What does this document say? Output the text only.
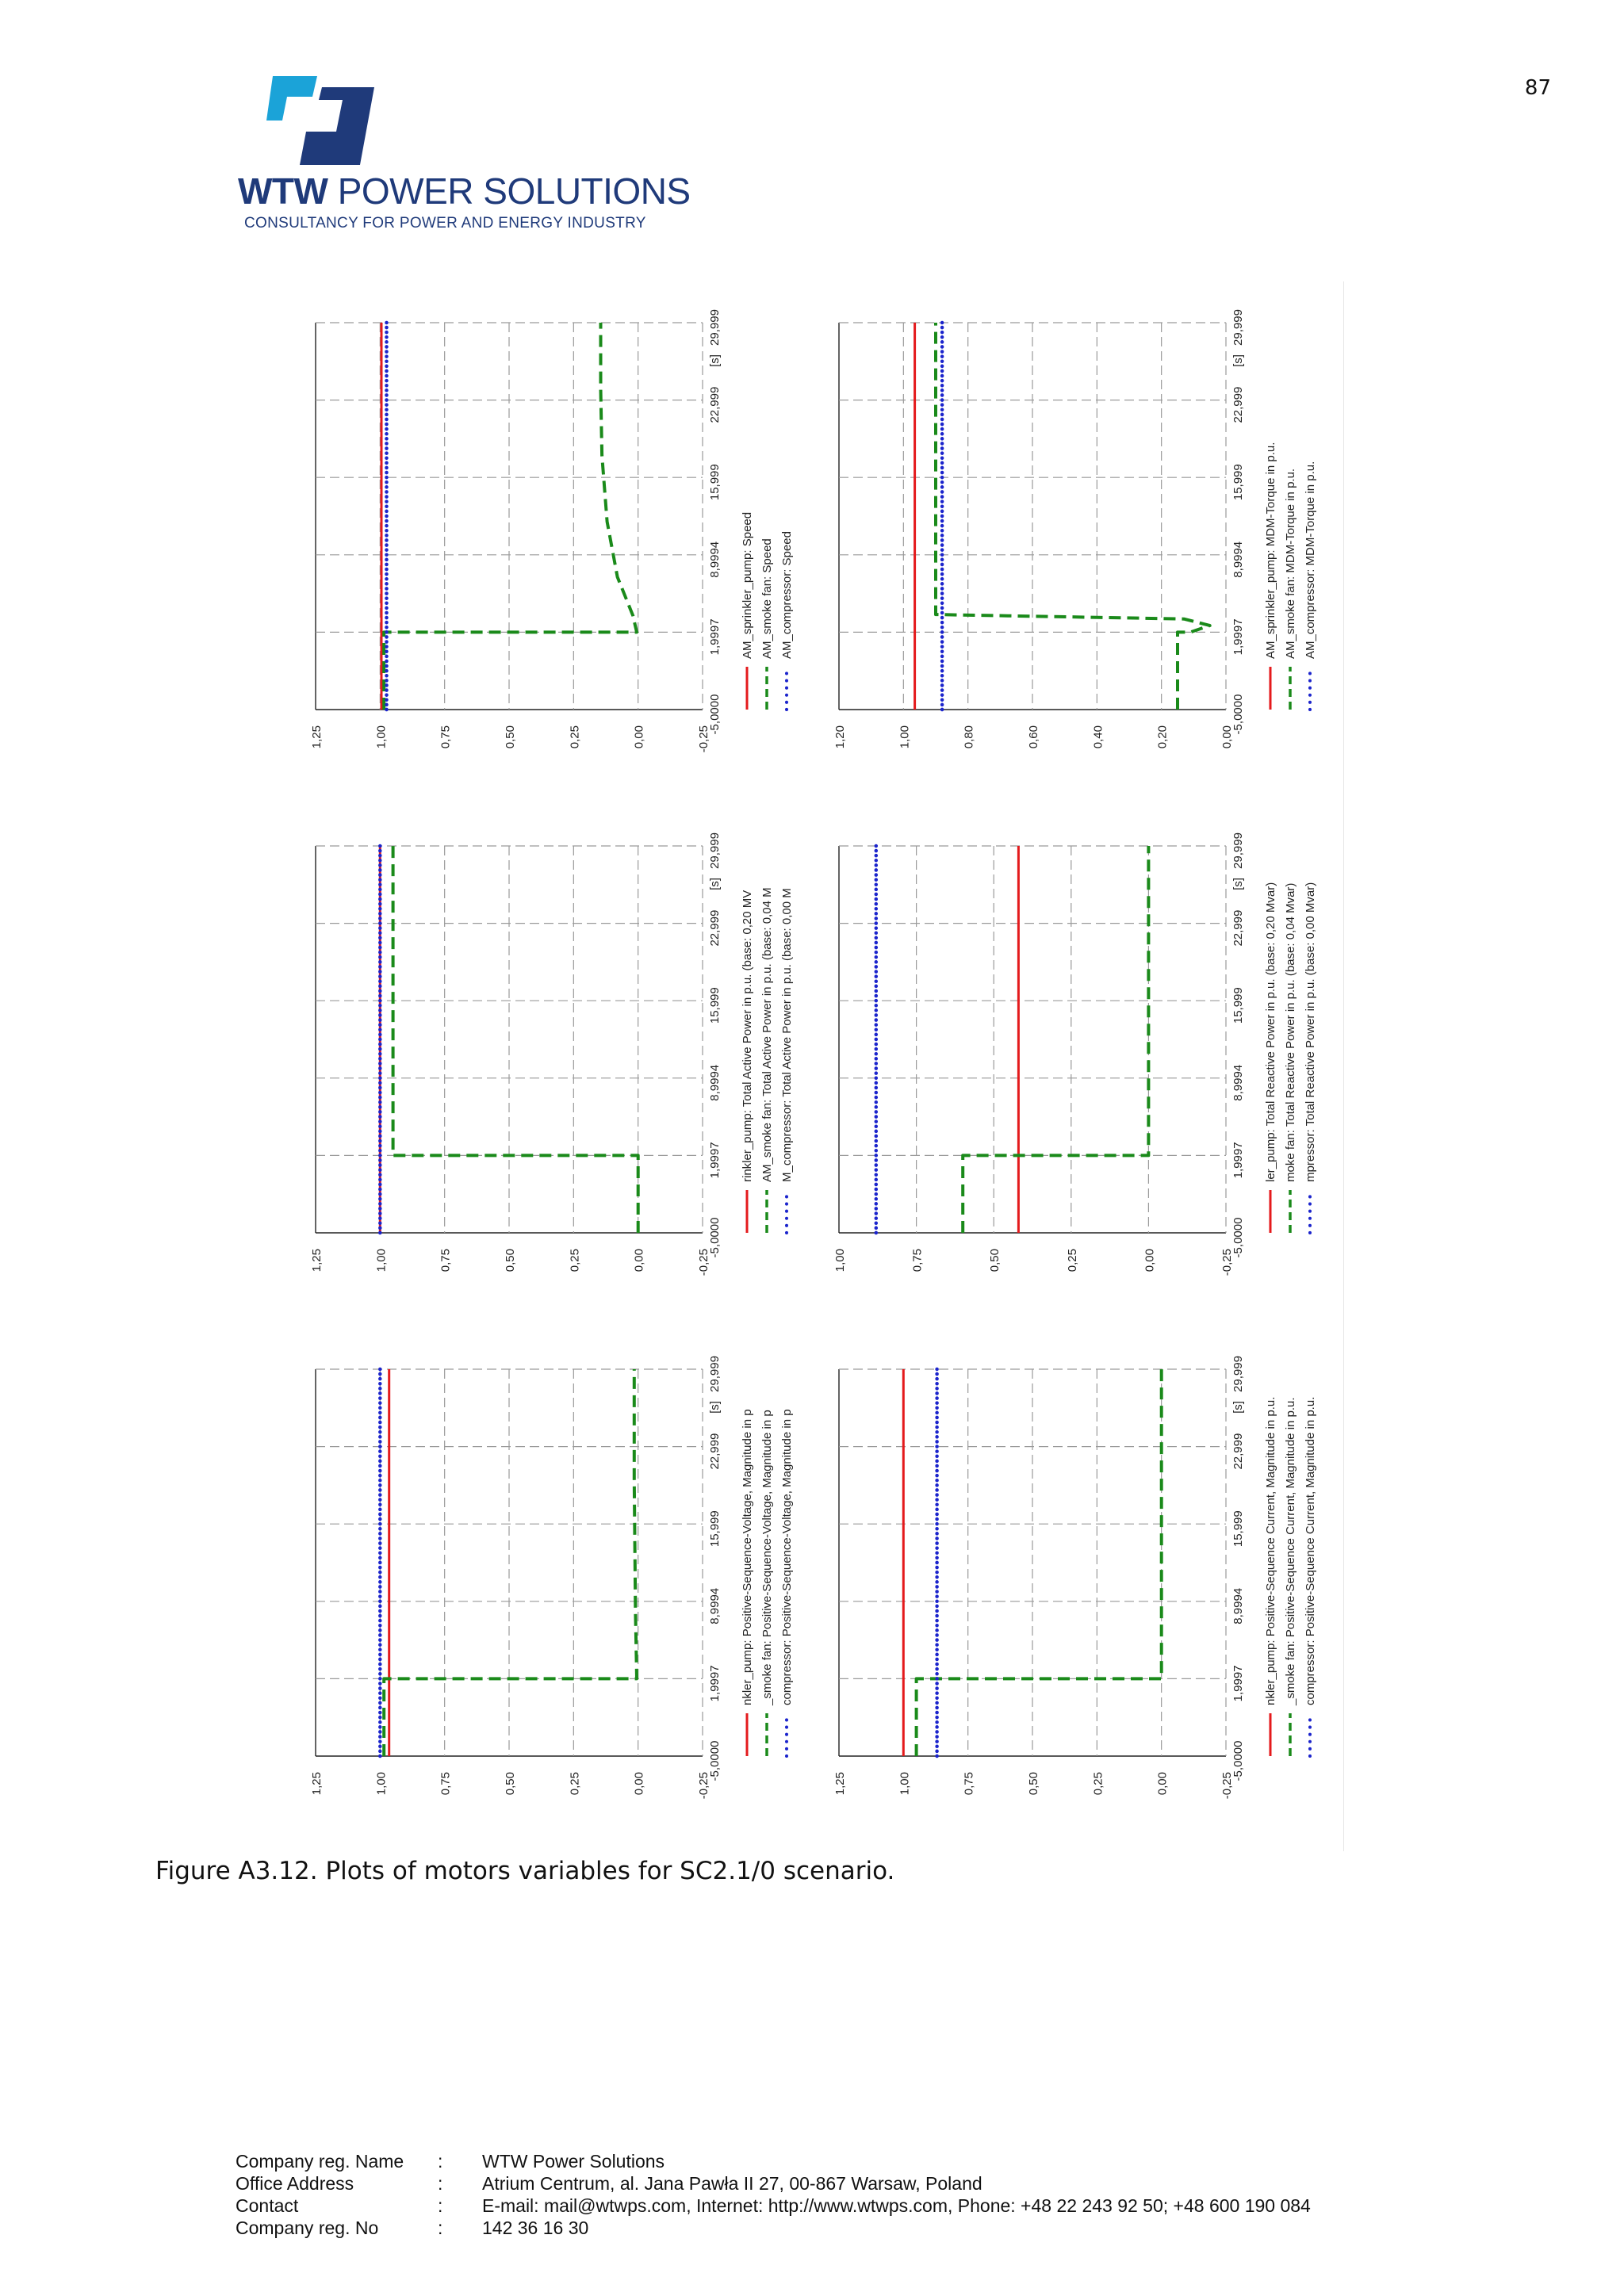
87
WTW POWER SOLUTIONS
CONSULTANCY FOR POWER AND ENERGY INDUSTRY
1,25	1,00	0,75	0,50	0,25	0,00	-0,25
-5,0000
1,9997
8,9994
15,999
22,999
29,999
[s]
AM_sprinkler_pump: Speed AM_smoke fan: Speed AM_compressor: Speed
1,20	1,00	0,80	0,60	0,40	0,20	0,00
-5,0000
1,9997
8,9994
15,999
22,999
29,999
[s]
AM_sprinkler_pump: MDM-Torque in p.u. AM_smoke fan: MDM-Torque in p.u. AM_compressor: MDM-Torque in p.u.
1,25	1,00	0,75	0,50	0,25	0,00	-0,25
-5,0000
1,9997
8,9994
15,999
22,999
29,999
[s]
rinkler_pump: Total Active Power in p.u. (base: 0,20 MV AM_smoke fan: Total Active Power in p.u. (base: 0,04 M M_compressor: Total Active Power in p.u. (base: 0,00 M
1,00	0,75	0,50	0,25	0,00	-0,25
-5,0000
1,9997
8,9994
15,999
22,999
29,999
[s] ler_pump: Total Reactive Power in p.u. (base: 0,20 Mvar) moke fan: Total Reactive Power in p.u. (base: 0,04 Mvar) mpressor: Total Reactive Power in p.u. (base: 0,00 Mvar)
1,25	1,00	0,75	0,50	0,25	0,00	-0,25
-5,0000
1,9997
8,9994
15,999
22,999
29,999
[s]
nkler_pump: Positive-Sequence-Voltage, Magnitude in p _smoke fan: Positive-Sequence-Voltage, Magnitude in p compressor: Positive-Sequence-Voltage, Magnitude in p
1,25	1,00	0,75	0,50	0,25	0,00	-0,25
-5,0000
1,9997
8,9994
15,999
22,999
29,999
[s] nkler_pump: Positive-Sequence Current, Magnitude in p.u. _smoke fan: Positive-Sequence Current, Magnitude in p.u. compressor: Positive-Sequence Current, Magnitude in p.u.
Figure A3.12. Plots of motors variables for SC2.1/0 scenario.
Company reg. Name	:	WTW Power Solutions
Office Address	:	Atrium Centrum, al. Jana Pawła II 27, 00-867 Warsaw, Poland
Contact	:	E-mail: mail@wtwps.com, Internet: http://www.wtwps.com, Phone: +48 22 243 92 50; +48 600 190 084
Company reg. No	:	142 36 16 30
